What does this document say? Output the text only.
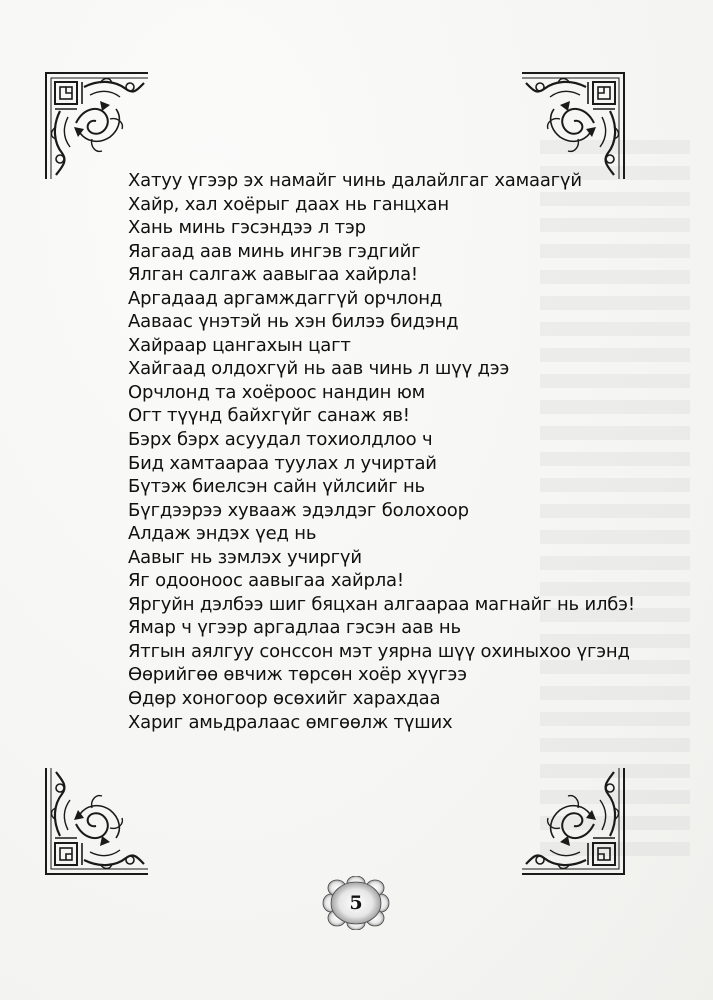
Хатуу үгээр эх намайг чинь далайлгаг хамаагүй
Хайр, хал хоёрыг даах нь ганцхан
Хань минь гэсэндээ л тэр
Яагаад аав минь ингэв гэдгийг
Ялган салгаж аавыгаа хайрла!
Аргадаад аргамждаггүй орчлонд
Ааваас үнэтэй нь хэн билээ бидэнд
Хайраар цангахын цагт
Хайгаад олдохгүй нь аав чинь л шүү дээ
Орчлонд та хоёроос нандин юм
Огт түүнд байхгүйг санаж яв!
Бэрх бэрх асуудал тохиолдлоо ч
Бид хамтаараа туулах л учиртай
Бүтэж биелсэн сайн үйлсийг нь
Бүгдээрээ хувааж эдэлдэг болохоор
Алдаж эндэх үед нь
Аавыг нь зэмлэх учиргүй
Яг одооноос аавыгаа хайрла!
Яргуйн дэлбээ шиг бяцхан алгаараа магнайг нь илбэ!
Ямар ч үгээр аргадлаа гэсэн аав нь
Ятгын аялгуу сонссон мэт уярна шүү охиныхоо үгэнд
Өөрийгөө өвчиж төрсөн хоёр хүүгээ
Өдөр хоногоор өсөхийг харахдаа
Хариг амьдралаас өмгөөлж түших
5
